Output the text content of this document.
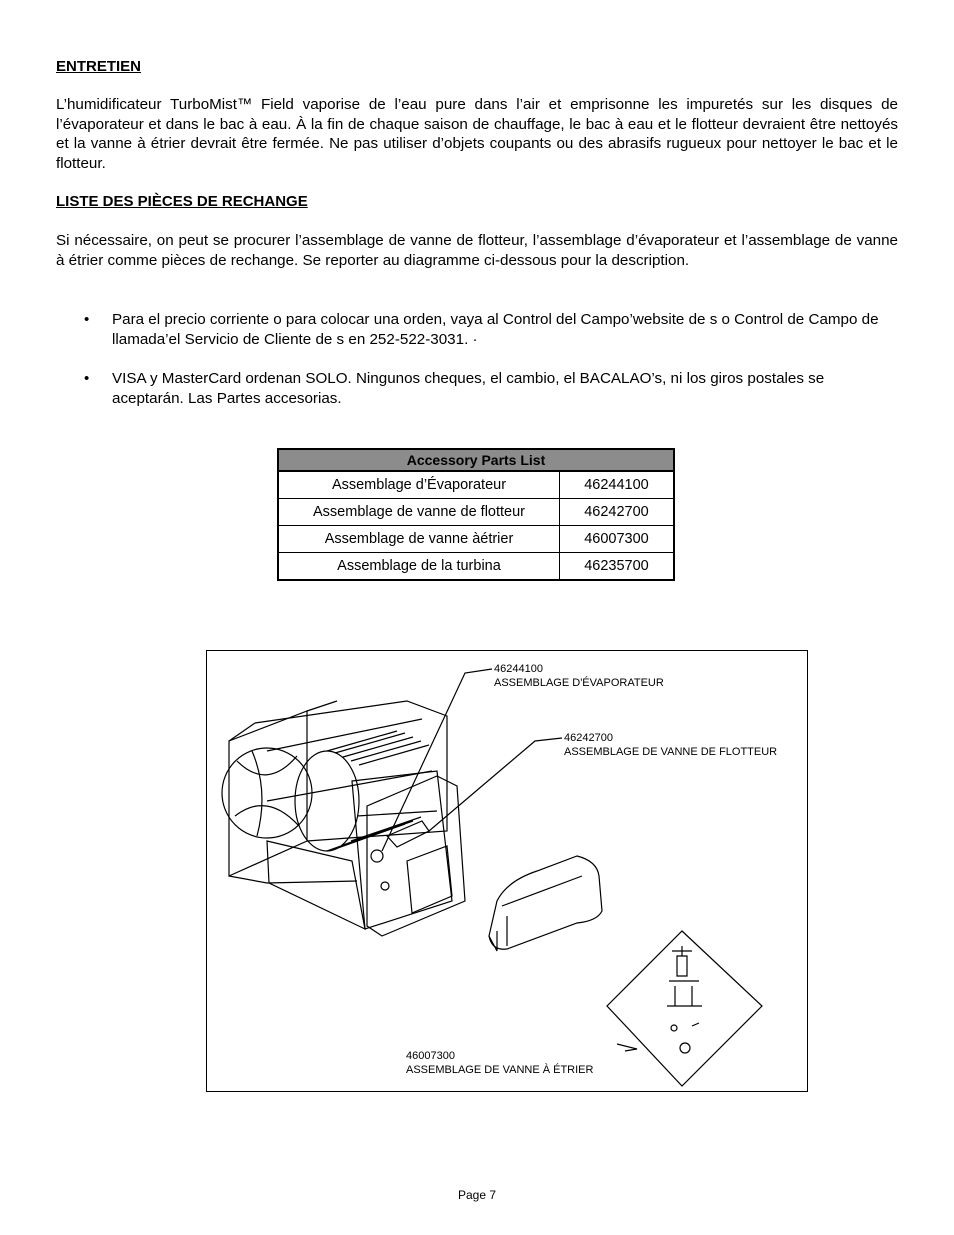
ENTRETIEN

L’humidificateur TurboMist™ Field vaporise de l’eau pure dans l’air et emprisonne les impuretés sur les disques de l’évaporateur et dans le bac à eau. À la fin de chaque saison de chauffage, le bac à eau et le flotteur devraient être nettoyés et la vanne à étrier devrait être fermée. Ne pas utiliser d’objets coupants ou des abrasifs rugueux pour nettoyer le bac et le flotteur.

LISTE DES PIÈCES DE RECHANGE

Si nécessaire, on peut se procurer l’assemblage de vanne de flotteur, l’assemblage d’évaporateur et l’assemblage de vanne à étrier comme pièces de rechange. Se reporter au diagramme ci-dessous pour la description.

• Para el precio corriente o para colocar una orden, vaya al Control del Campo’website de s o Control de Campo de llamada’el Servicio de Cliente de s en 252-522-3031. ·

• VISA y MasterCard ordenan SOLO. Ningunos cheques, el cambio, el BACALAO’s, ni los giros postales se aceptarán. Las Partes accesorias.

Accessory Parts List	
Assemblage d’Évaporateur	46244100
Assemblage de vanne de flotteur	46242700
Assemblage de vanne àétrier	46007300
Assemblage de la turbina	46235700
46244100
ASSEMBLAGE D'ÉVAPORATEUR
46242700
ASSEMBLAGE DE VANNE DE FLOTTEUR
46007300
ASSEMBLAGE DE VANNE À ÉTRIER
Page 7
